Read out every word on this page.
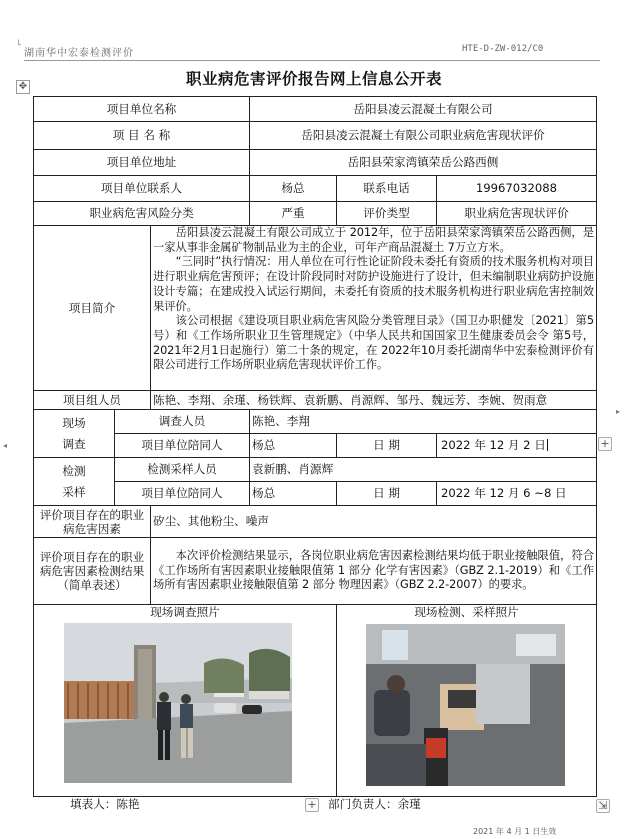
湖南华中宏泰检测评价	HTE-D-ZW-012/C0
职业病危害评价报告网上信息公开表
✥
└
◂
▸
+
项目单位名称			岳阳县凌云混凝土有限公司		
项 目 名 称			岳阳县凌云混凝土有限公司职业病危害现状评价		
项目单位地址			岳阳县荣家湾镇荣岳公路西侧		
项目单位联系人			杨总	联系电话	19967032088
职业病危害风险分类			严重	评价类型	职业病危害现状评价
项目简介		岳阳县凌云混凝土有限公司成立于 2012年，位于岳阳县荣家湾镇荣岳公路西侧，是一家从事非金属矿物制品业为主的企业，可年产商品混凝土 7万立方米。
“三同时”执行情况：用人单位在可行性论证阶段未委托有资质的技术服务机构对项目进行职业病危害预评；在设计阶段同时对防护设施进行了设计，但未编制职业病防护设施设计专篇；在建成投入试运行期间，未委托有资质的技术服务机构进行职业病危害控制效果评价。
该公司根据《建设项目职业病危害风险分类管理目录》（国卫办职健发〔2021〕第5号）和《工作场所职业卫生管理规定》（中华人民共和国国家卫生健康委员会令 第5号，2021年2月1日起施行）第二十条的规定，在 2022年10月委托湖南华中宏泰检测评价有限公司进行工作场所职业病危害现状评价工作。			

项目组人员		陈艳、李翔、余瑾、杨铁辉、袁新鹏、肖源辉、邹丹、魏远芳、李婉、贺雨意			

现场
调查	调查人员		陈艳、李翔		
	项目单位陪同人		杨总	日 期	2022 年 12 月 2 日

检测
采样	检测采样人员		袁新鹏、肖源辉		
	项目单位陪同人		杨总	日 期	2022 年 12 月 6 ~8 日
评价项目存在的职业病危害因素		矽尘、其他粉尘、噪声			
评价项目存在的职业病危害因素检测结果（简单表述）		本次评价检测结果显示，各岗位职业病危害因素检测结果均低于职业接触限值，符合《工作场所有害因素职业接触限值第 1 部分 化学有害因素》（GBZ 2.1-2019）和《工作场所有害因素职业接触限值第 2 部分 物理因素》（GBZ 2.2-2007）的要求。			

现场调查照片				现场检测、采样照片	

填表人：陈艳	部门负责人：余瑾
+	⇲
2021 年 4 月 1 日生效
